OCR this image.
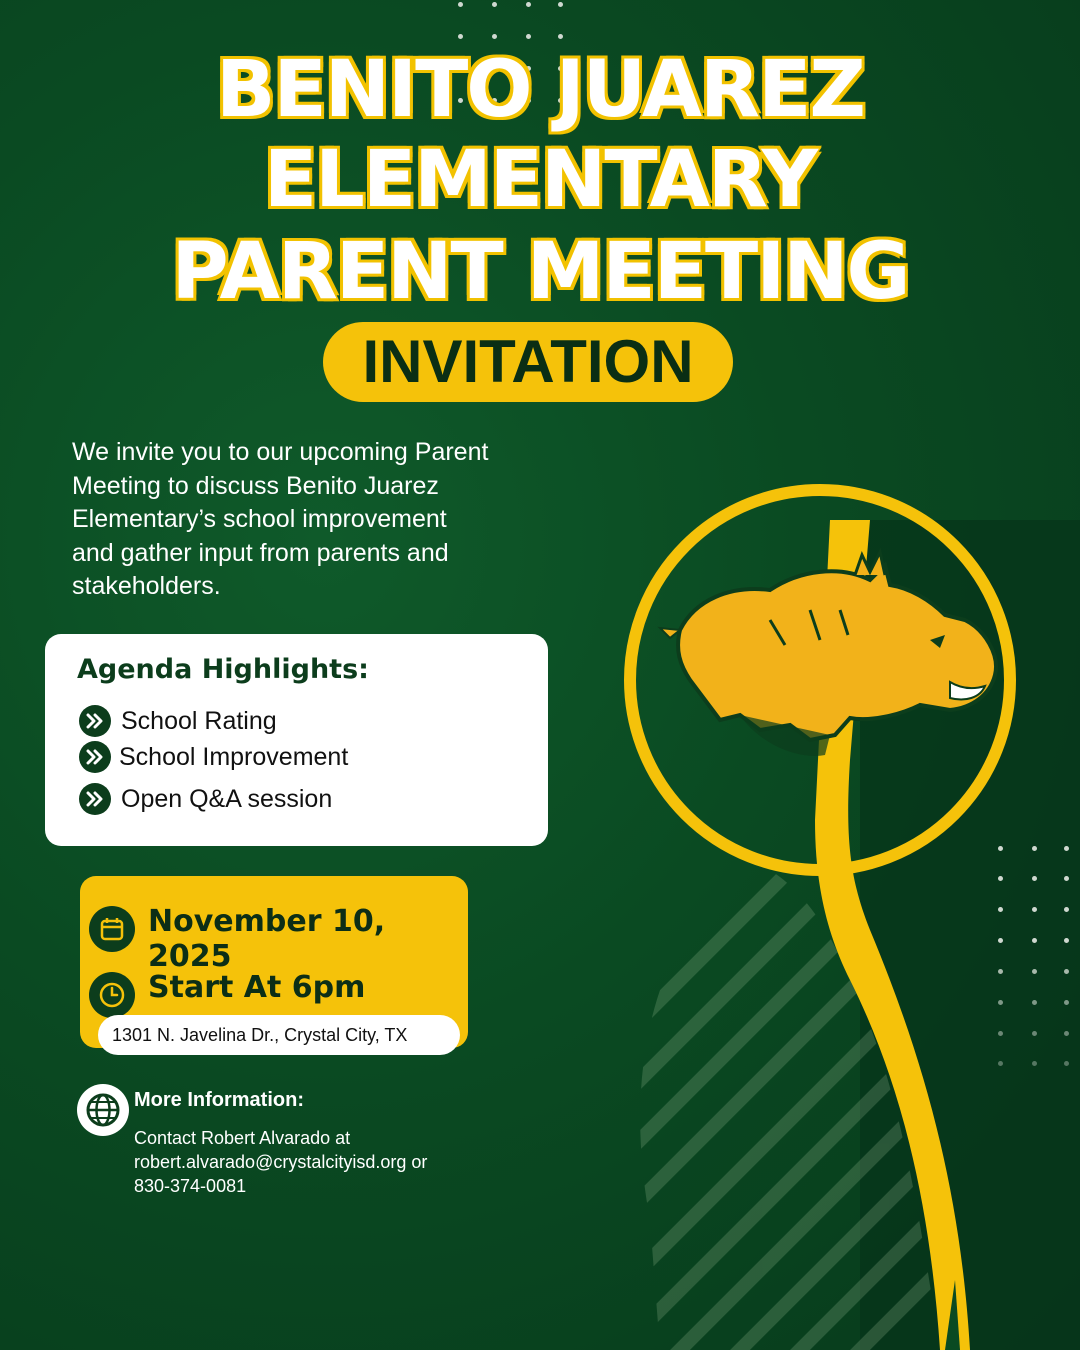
BENITO JUAREZ
ELEMENTARY
PARENT MEETING
INVITATION
We invite you to our upcoming Parent Meeting to discuss Benito Juarez Elementary’s school improvement and gather input from parents and stakeholders.
Agenda Highlights:
School Rating
School Improvement
Open Q&A session
November 10, 2025
Start At 6pm
1301 N. Javelina Dr., Crystal City, TX
More Information:
Contact Robert Alvarado at
robert.alvarado@crystalcityisd.org or
830-374-0081
